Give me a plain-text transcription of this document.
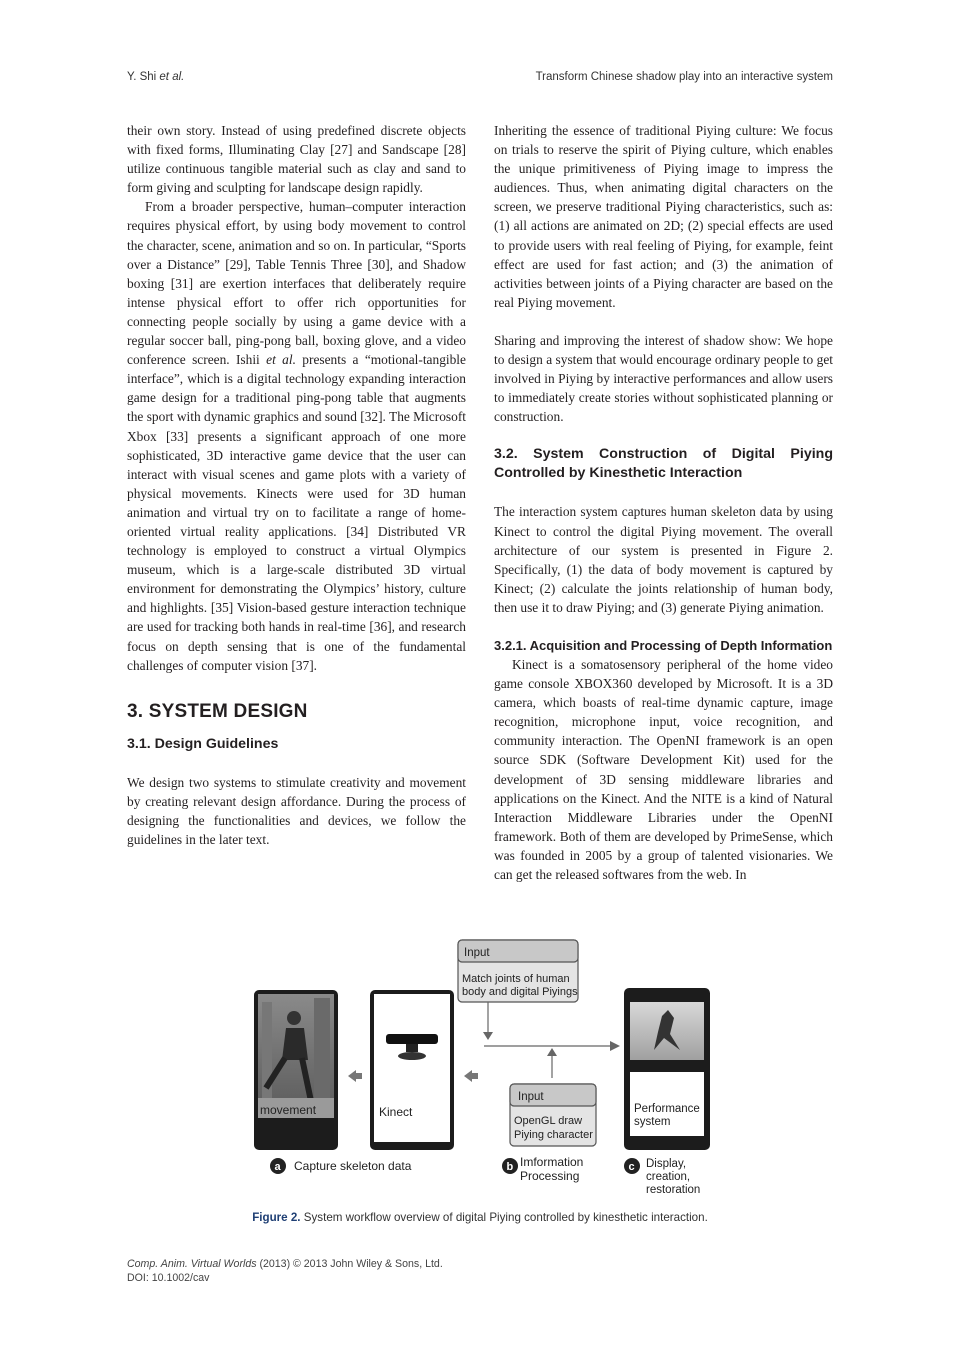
Y. Shi et al.	Transform Chinese shadow play into an interactive system

their own story. Instead of using predefined discrete objects with fixed forms, Illuminating Clay [27] and Sandscape [28] utilize continuous tangible material such as clay and sand to form giving and sculpting for landscape design rapidly.

From a broader perspective, human–computer interaction requires physical effort, by using body movement to control the character, scene, animation and so on. In particular, “Sports over a Distance” [29], Table Tennis Three [30], and Shadow boxing [31] are exertion interfaces that deliberately require intense physical effort to offer rich opportunities for connecting people socially by using a game device with a regular soccer ball, ping-pong ball, boxing glove, and a video conference screen. Ishii et al. presents a “motional-tangible interface”, which is a digital technology expanding interaction game design for a traditional ping-pong table that augments the sport with dynamic graphics and sound [32]. The Microsoft Xbox [33] presents a significant approach of one more sophisticated, 3D interactive game device that the user can interact with visual scenes and game plots with a variety of physical movements. Kinects were used for 3D human animation and virtual try on to facilitate a range of home-oriented virtual reality applications. [34] Distributed VR technology is employed to construct a virtual Olympics museum, which is a large-scale distributed 3D virtual environment for demonstrating the Olympics’ history, culture and highlights. [35] Vision-based gesture interaction technique are used for tracking both hands in real-time [36], and research focus on depth sensing that is one of the fundamental challenges of computer vision [37].

3. SYSTEM DESIGN
3.1. Design Guidelines

We design two systems to stimulate creativity and movement by creating relevant design affordance. During the process of designing the functionalities and devices, we follow the guidelines in the later text.

Inheriting the essence of traditional Piying culture: We focus on trials to reserve the spirit of Piying culture, which enables the unique primitiveness of Piying image to impress the audiences. Thus, when animating digital characters on the screen, we preserve traditional Piying characteristics, such as: (1) all actions are animated on 2D; (2) special effects are used to provide users with real feeling of Piying, for example, feint effect are used for fast action; and (3) the animation of activities between joints of a Piying character are based on the real Piying movement.

Sharing and improving the interest of shadow show: We hope to design a system that would encourage ordinary people to get involved in Piying by interactive performances and allow users to immediately create stories without sophisticated planning or construction.

3.2. System Construction of Digital Piying Controlled by Kinesthetic Interaction

The interaction system captures human skeleton data by using Kinect to control the digital Piying movement. The overall architecture of our system is presented in Figure 2. Specifically, (1) the data of body movement is captured by Kinect; (2) calculate the joints relationship of human body, then use it to draw Piying; and (3) generate Piying animation.

3.2.1. Acquisition and Processing of Depth Information

Kinect is a somatosensory peripheral of the home video game console XBOX360 developed by Microsoft. It is a 3D camera, which boasts of real-time dynamic capture, image recognition, microphone input, voice recognition, and community interaction. The OpenNI framework is an open source SDK (Software Development Kit) used for the development of 3D sensing middleware libraries and applications on the Kinect. And the NITE is a kind of Natural Interaction Middleware Libraries under the OpenNI framework. Both of them are developed by PrimeSense, which was founded in 2005 by a group of talented visionaries. We can get the released softwares from the web. In

Input
Match joints of human
body and digital Piyings
movement	Kinect
Input
OpenGL draw
Piying character
Performance
system
a Capture skeleton data	b Imformation
Processing
c Display,
creation,
restoration
Figure 2. System workflow overview of digital Piying controlled by kinesthetic interaction.
Comp. Anim. Virtual Worlds (2013) © 2013 John Wiley & Sons, Ltd.
DOI: 10.1002/cav
